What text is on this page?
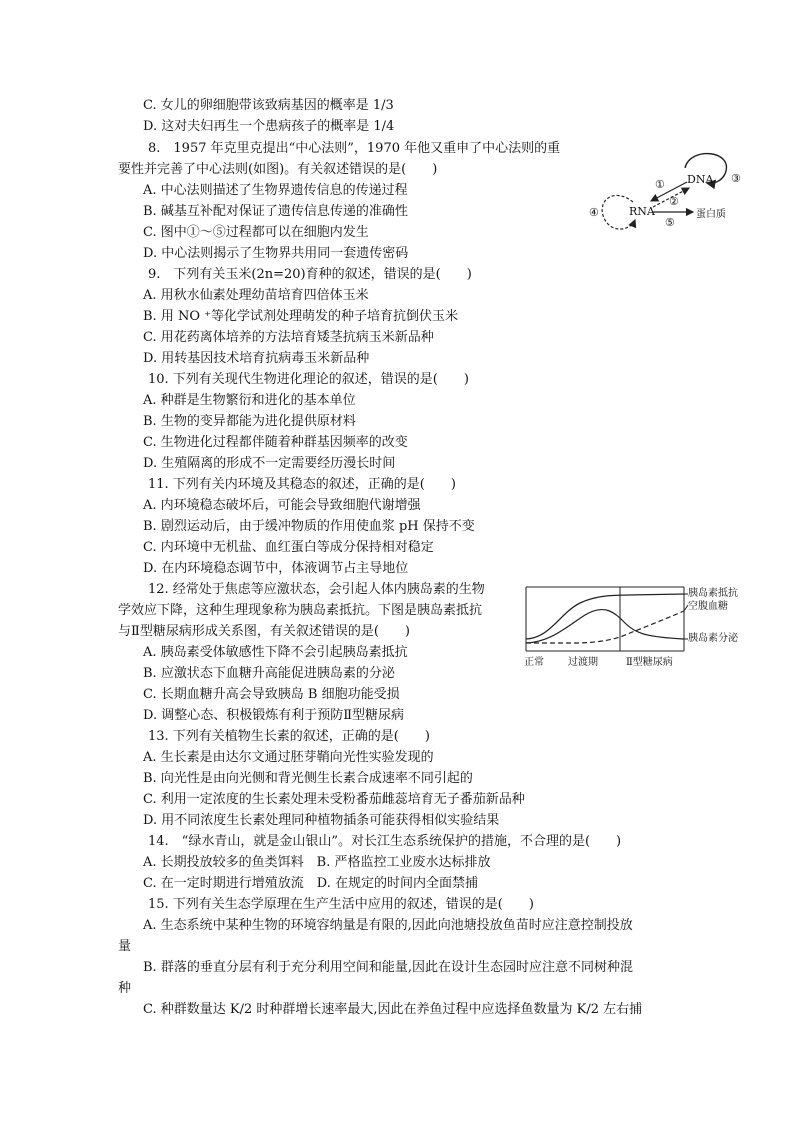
C. 女儿的卵细胞带该致病基因的概率是 1/3
D. 这对夫妇再生一个患病孩子的概率是 1/4
8.　1957 年克里克提出“中心法则”，1970 年他又重申了中心法则的重
要性并完善了中心法则(如图)。有关叙述错误的是(　　)
A. 中心法则描述了生物界遗传信息的传递过程
B. 碱基互补配对保证了遗传信息传递的准确性
C. 图中①～⑤过程都可以在细胞内发生
D. 中心法则揭示了生物界共用同一套遗传密码
9.　下列有关玉米(2n=20)育种的叙述，错误的是(　　)
A. 用秋水仙素处理幼苗培育四倍体玉米
B. 用 NO ⁺等化学试剂处理萌发的种子培育抗倒伏玉米
C. 用花药离体培养的方法培育矮茎抗病玉米新品种
D. 用转基因技术培育抗病毒玉米新品种
10. 下列有关现代生物进化理论的叙述，错误的是(　　)
A. 种群是生物繁衍和进化的基本单位
B. 生物的变异都能为进化提供原材料
C. 生物进化过程都伴随着种群基因频率的改变
D. 生殖隔离的形成不一定需要经历漫长时间
11. 下列有关内环境及其稳态的叙述，正确的是(　　)
A. 内环境稳态破坏后，可能会导致细胞代谢增强
B. 剧烈运动后，由于缓冲物质的作用使血浆 pH 保持不变
C. 内环境中无机盐、血红蛋白等成分保持相对稳定
D. 在内环境稳态调节中，体液调节占主导地位
12. 经常处于焦虑等应激状态，会引起人体内胰岛素的生物
学效应下降，这种生理现象称为胰岛素抵抗。下图是胰岛素抵抗
与Ⅱ型糖尿病形成关系图，有关叙述错误的是(　　)
A. 胰岛素受体敏感性下降不会引起胰岛素抵抗
B. 应激状态下血糖升高能促进胰岛素的分泌
C. 长期血糖升高会导致胰岛 B 细胞功能受损
D. 调整心态、积极锻炼有利于预防Ⅱ型糖尿病
13. 下列有关植物生长素的叙述，正确的是(　　)
A. 生长素是由达尔文通过胚芽鞘向光性实验发现的
B. 向光性是由向光侧和背光侧生长素合成速率不同引起的
C. 利用一定浓度的生长素处理未受粉番茄雌蕊培育无子番茄新品种
D. 用不同浓度生长素处理同种植物插条可能获得相似实验结果
14.　“绿水青山，就是金山银山”。对长江生态系统保护的措施，不合理的是(　　)
A. 长期投放较多的鱼类饵料　B. 严格监控工业废水达标排放
C. 在一定时期进行增殖放流　D. 在规定的时间内全面禁捕
15. 下列有关生态学原理在生产生活中应用的叙述，错误的是(　　)
A. 生态系统中某种生物的环境容纳量是有限的,因此向池塘投放鱼苗时应注意控制投放
量
B. 群落的垂直分层有利于充分利用空间和能量,因此在设计生态园时应注意不同树种混
种
C. 种群数量达 K/2 时种群增长速率最大,因此在养鱼过程中应选择鱼数量为 K/2 左右捕
DNA
RNA	蛋白质
①
②
③
④
⑤
胰岛素抵抗
空腹血糖
胰岛素分泌
正常 过渡期	Ⅱ型糖尿病
